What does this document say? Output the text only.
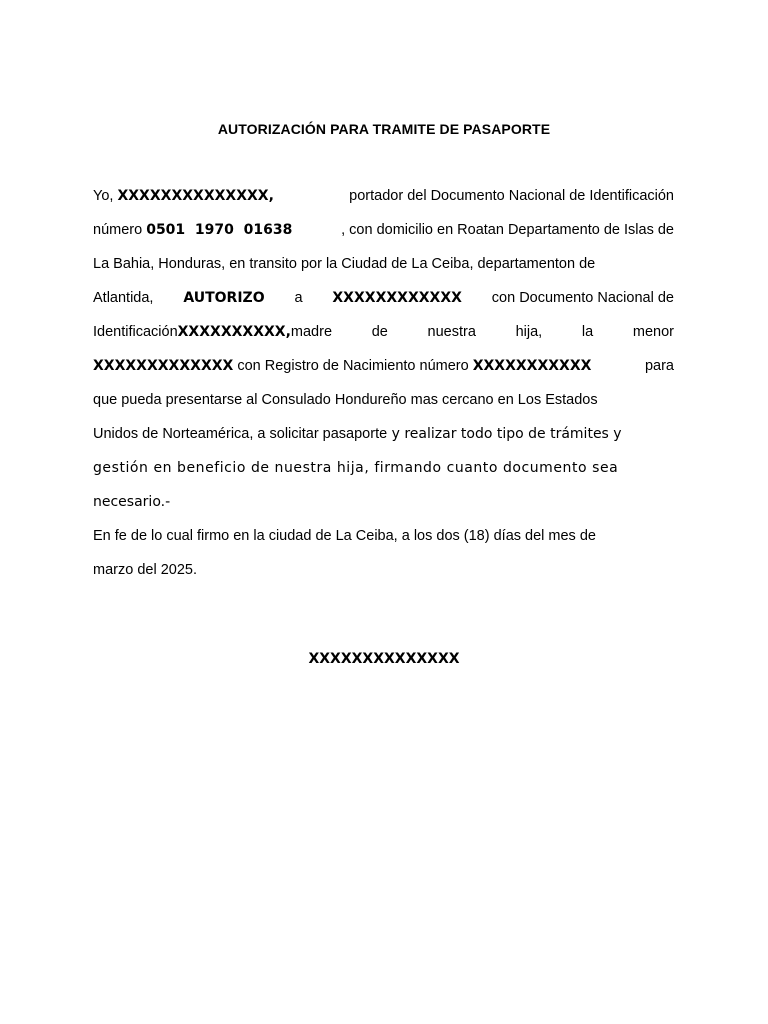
AUTORIZACIÓN PARA TRAMITE DE PASAPORTE
Yo, XXXXXXXXXXXXXX,	portador del Documento Nacional de Identificación
número 0501  1970  01638	, con domicilio en Roatan Departamento de Islas de
La Bahia, Honduras, en transito por la Ciudad de La Ceiba, departamenton de
Atlantida, AUTORIZO a XXXXXXXXXXXX con Documento Nacional de
Identificación XXXXXXXXXX, madre	de	nuestra	hija,	la	menor
XXXXXXXXXXXXX con Registro de Nacimiento número XXXXXXXXXXX	para
que pueda presentarse al Consulado Hondureño mas cercano en Los Estados
Unidos de Norteamérica, a solicitar pasaporte y realizar todo tipo de trámites y
gestión en beneficio de nuestra hija, firmando cuanto documento sea
necesario.-
En fe de lo cual firmo en la ciudad de La Ceiba, a los dos (18) días del mes de
marzo del 2025.
XXXXXXXXXXXXXX
